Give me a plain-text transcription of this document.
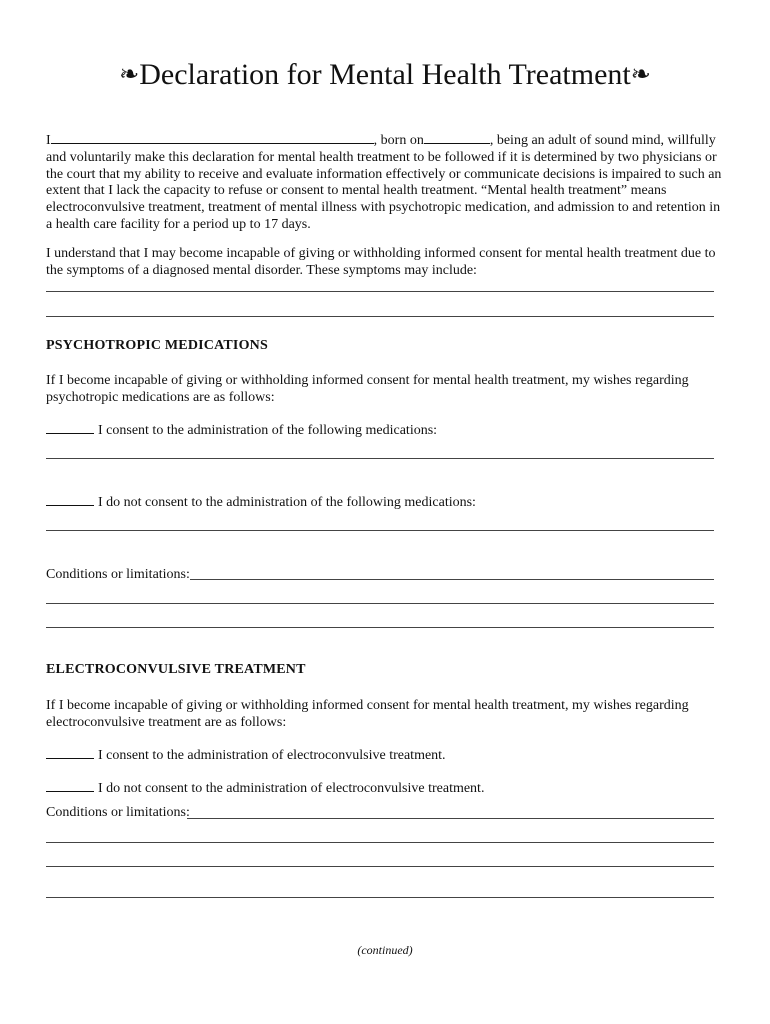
❧Declaration for Mental Health Treatment❧
I	, born on	, being an adult of sound mind, willfully
and voluntarily make this declaration for mental health treatment to be followed if it is determined by two physicians or the court that my ability to receive and evaluate information effectively or communicate decisions is impaired to such an extent that I lack the capacity to refuse or consent to mental health treatment. “Mental health treatment” means electroconvulsive treatment, treatment of mental illness with psychotropic medication, and admission to and retention in a health care facility for a period up to 17 days.
I understand that I may become incapable of giving or withholding informed consent for mental health treatment due to the symptoms of a diagnosed mental disorder. These symptoms may include:
PSYCHOTROPIC MEDICATIONS
If I become incapable of giving or withholding informed consent for mental health treatment, my wishes regarding psychotropic medications are as follows:
I consent to the administration of the following medications:
I do not consent to the administration of the following medications:
Conditions or limitations:
ELECTROCONVULSIVE TREATMENT
If I become incapable of giving or withholding informed consent for mental health treatment, my wishes regarding electroconvulsive treatment are as follows:
I consent to the administration of electroconvulsive treatment.
I do not consent to the administration of electroconvulsive treatment.
Conditions or limitations:
(continued)
